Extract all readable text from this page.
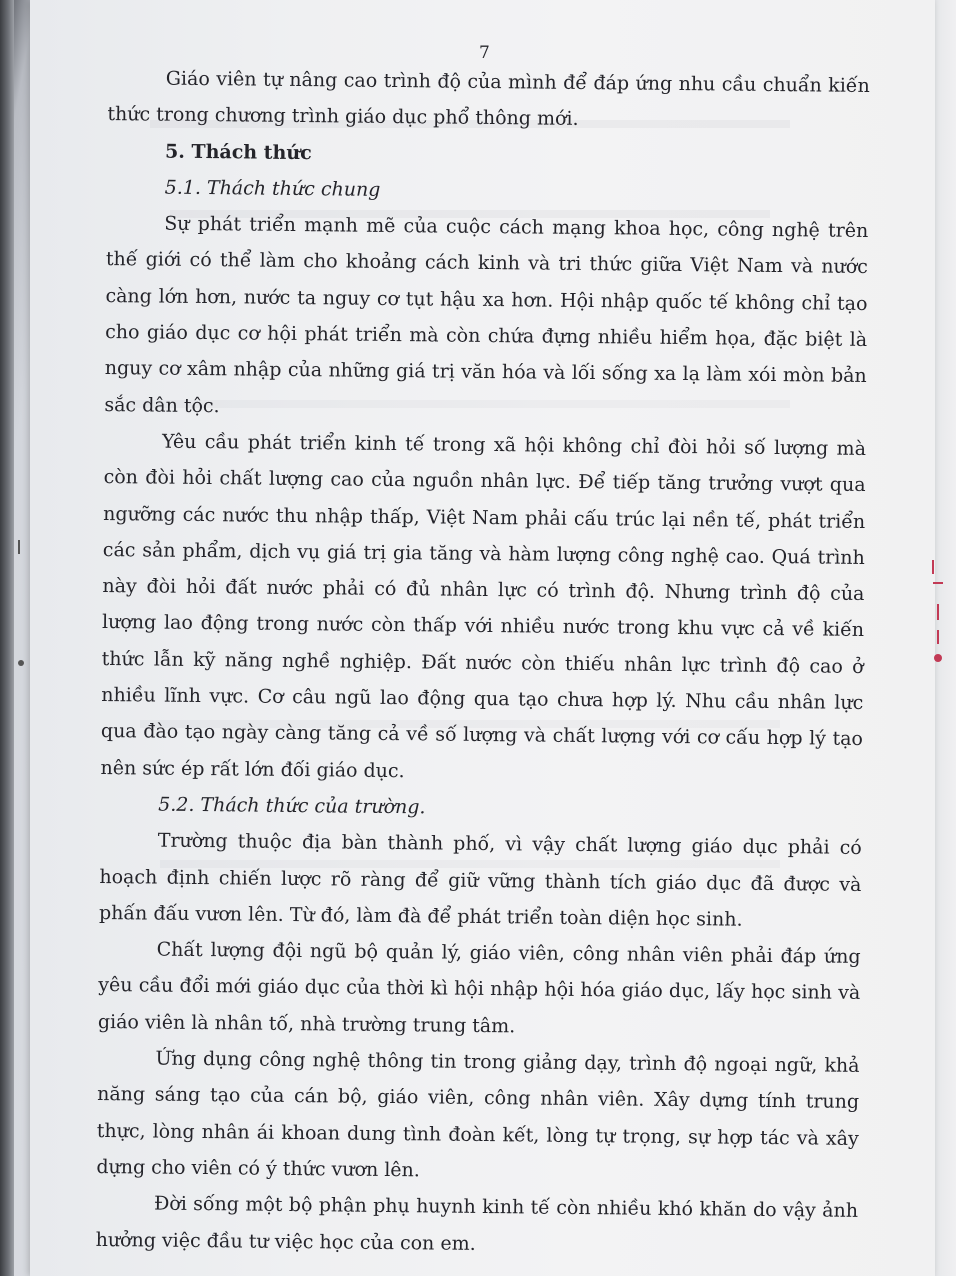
7

Giáo viên tự nâng cao trình độ của mình để đáp ứng nhu cầu chuẩn kiến thức trong chương trình giáo dục phổ thông mới.

5. Thách thức

5.1. Thách thức chung

Sự phát triển mạnh mẽ của cuộc cách mạng khoa học, công nghệ trên thế giới có thể làm cho khoảng cách kinh và tri thức giữa Việt Nam và nước càng lớn hơn, nước ta nguy cơ tụt hậu xa hơn. Hội nhập quốc tế không chỉ tạo cho giáo dục cơ hội phát triển mà còn chứa đựng nhiều hiểm họa, đặc biệt là nguy cơ xâm nhập của những giá trị văn hóa và lối sống xa lạ làm xói mòn bản sắc dân tộc.

Yêu cầu phát triển kinh tế trong xã hội không chỉ đòi hỏi số lượng mà còn đòi hỏi chất lượng cao của nguồn nhân lực. Để tiếp tăng trưởng vượt qua ngưỡng các nước thu nhập thấp, Việt Nam phải cấu trúc lại nền tế, phát triển các sản phẩm, dịch vụ giá trị gia tăng và hàm lượng công nghệ cao. Quá trình này đòi hỏi đất nước phải có đủ nhân lực có trình độ. Nhưng trình độ của lượng lao động trong nước còn thấp với nhiều nước trong khu vực cả về kiến thức lẫn kỹ năng nghề nghiệp. Đất nước còn thiếu nhân lực trình độ cao ở nhiều lĩnh vực. Cơ câu ngũ lao động qua tạo chưa hợp lý. Nhu cầu nhân lực qua đào tạo ngày càng tăng cả về số lượng và chất lượng với cơ cấu hợp lý tạo nên sức ép rất lớn đối giáo dục.

5.2. Thách thức của trường.

Trường thuộc địa bàn thành phố, vì vậy chất lượng giáo dục phải có hoạch định chiến lược rõ ràng để giữ vững thành tích giáo dục đã được và phấn đấu vươn lên. Từ đó, làm đà để phát triển toàn diện học sinh.

Chất lượng đội ngũ bộ quản lý, giáo viên, công nhân viên phải đáp ứng yêu cầu đổi mới giáo dục của thời kì hội nhập hội hóa giáo dục, lấy học sinh và giáo viên là nhân tố, nhà trường trung tâm.

Ứng dụng công nghệ thông tin trong giảng dạy, trình độ ngoại ngữ, khả năng sáng tạo của cán bộ, giáo viên, công nhân viên. Xây dựng tính trung thực, lòng nhân ái khoan dung tình đoàn kết, lòng tự trọng, sự hợp tác và xây dựng cho viên có ý thức vươn lên.

Đời sống một bộ phận phụ huynh kinh tế còn nhiều khó khăn do vậy ảnh hưởng việc đầu tư việc học của con em.
